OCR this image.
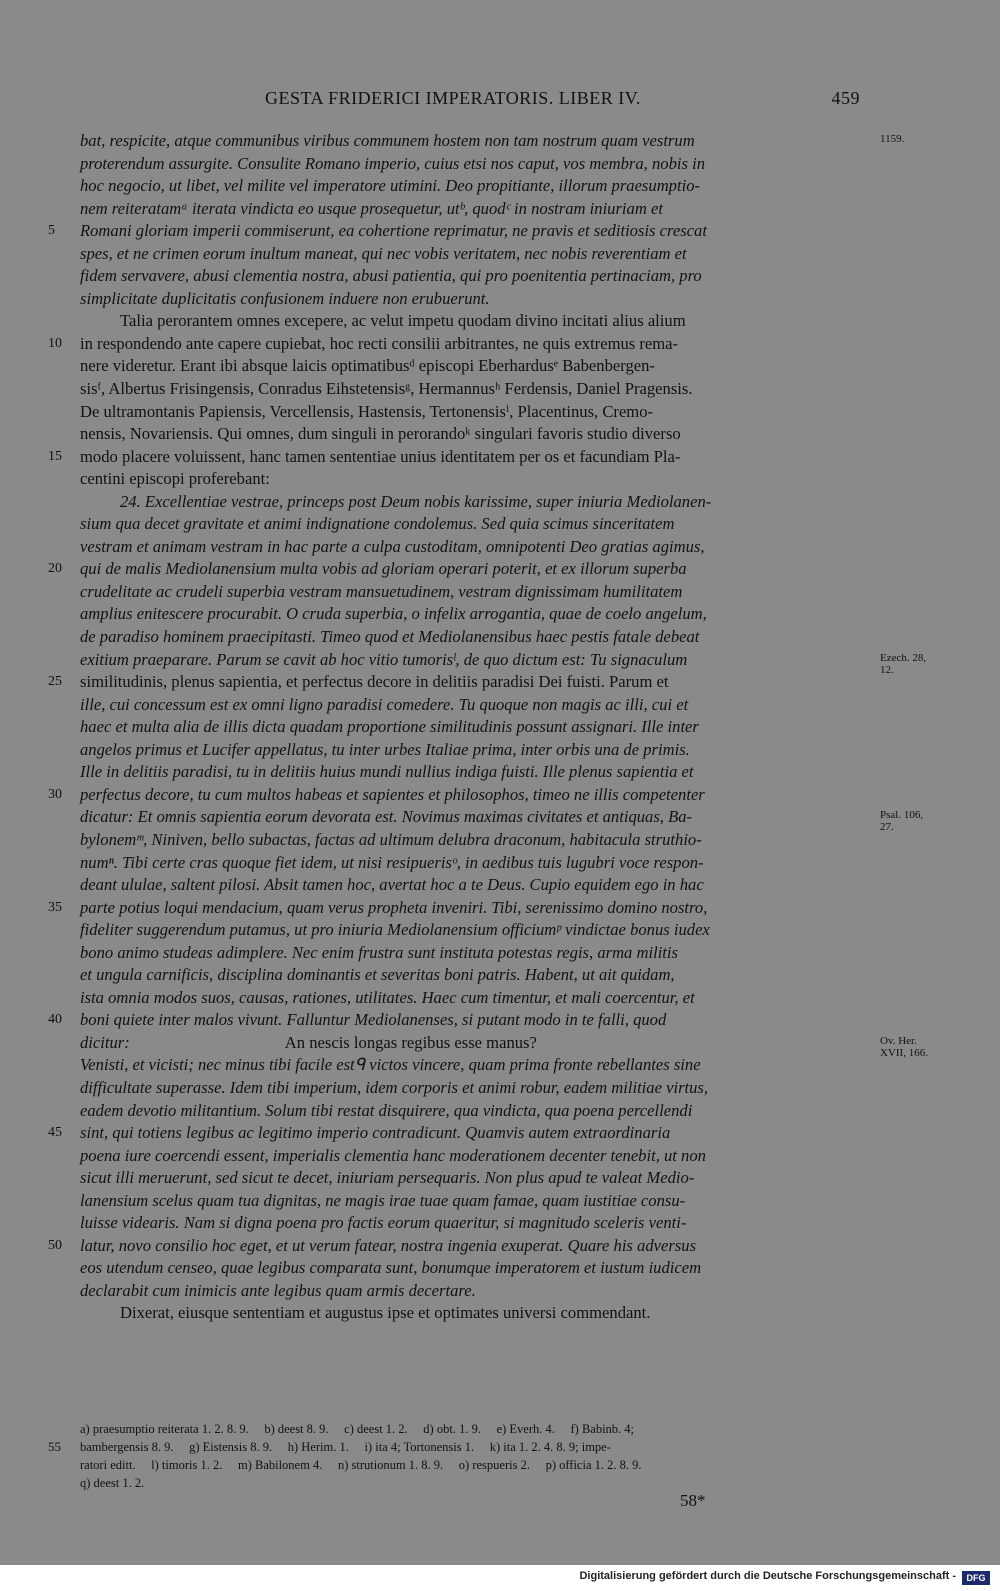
GESTA FRIDERICI IMPERATORIS. LIBER IV.	459
bat, respicite, atque communibus viribus communem hostem non tam nostrum quam vestrum	1159.
proterendum assurgite. Consulite Romano imperio, cuius etsi nos caput, vos membra, nobis in
hoc negocio, ut libet, vel milite vel imperatore utimini. Deo propitiante, illorum praesumptio-
nem reiteratamᵃ iterata vindicta eo usque prosequetur, utᵇ, quodᶜ in nostram iniuriam et
5 Romani gloriam imperii commiserunt, ea cohertione reprimatur, ne pravis et seditiosis crescat
spes, et ne crimen eorum inultum maneat, qui nec vobis veritatem, nec nobis reverentiam et
fidem servavere, abusi clementia nostra, abusi patientia, qui pro poenitentia pertinaciam, pro
simplicitate duplicitatis confusionem induere non erubuerunt.
Talia perorantem omnes excepere, ac velut impetu quodam divino incitati alius alium
10 in respondendo ante capere cupiebat, hoc recti consilii arbitrantes, ne quis extremus rema-
nere videretur. Erant ibi absque laicis optimatibusᵈ episcopi Eberhardusᵉ Babenbergen-
sisᶠ, Albertus Frisingensis, Conradus Eihstetensisᵍ, Hermannusʰ Ferdensis, Daniel Pragensis.
De ultramontanis Papiensis, Vercellensis, Hastensis, Tertonensisⁱ, Placentinus, Cremo-
nensis, Novariensis. Qui omnes, dum singuli in perorandoᵏ singulari favoris studio diverso
15 modo placere voluissent, hanc tamen sententiae unius identitatem per os et facundiam Pla-
centini episcopi proferebant:
24. Excellentiae vestrae, princeps post Deum nobis karissime, super iniuria Mediolanen-
sium qua decet gravitate et animi indignatione condolemus. Sed quia scimus sinceritatem
vestram et animam vestram in hac parte a culpa custoditam, omnipotenti Deo gratias agimus,
20 qui de malis Mediolanensium multa vobis ad gloriam operari poterit, et ex illorum superba
crudelitate ac crudeli superbia vestram mansuetudinem, vestram dignissimam humilitatem
amplius enitescere procurabit. O cruda superbia, o infelix arrogantia, quae de coelo angelum,
de paradiso hominem praecipitasti. Timeo quod et Mediolanensibus haec pestis fatale debeat
exitium praeparare. Parum se cavit ab hoc vitio tumorisˡ, de quo dictum est: Tu signaculum	Ezech. 28,
12.
25 similitudinis, plenus sapientia, et perfectus decore in delitiis paradisi Dei fuisti. Parum et
ille, cui concessum est ex omni ligno paradisi comedere. Tu quoque non magis ac illi, cui et
haec et multa alia de illis dicta quadam proportione similitudinis possunt assignari. Ille inter
angelos primus et Lucifer appellatus, tu inter urbes Italiae prima, inter orbis una de primis.
Ille in delitiis paradisi, tu in delitiis huius mundi nullius indiga fuisti. Ille plenus sapientia et
30 perfectus decore, tu cum multos habeas et sapientes et philosophos, timeo ne illis competenter
dicatur: Et omnis sapientia eorum devorata est. Novimus maximas civitates et antiquas, Ba-	Psal. 106,
27.
bylonemᵐ, Niniven, bello subactas, factas ad ultimum delubra draconum, habitacula struthio-
numⁿ. Tibi certe cras quoque fiet idem, ut nisi resipuerisᵒ, in aedibus tuis lugubri voce respon-
deant ululae, saltent pilosi. Absit tamen hoc, avertat hoc a te Deus. Cupio equidem ego in hac
35 parte potius loqui mendacium, quam verus propheta inveniri. Tibi, serenissimo domino nostro,
fideliter suggerendum putamus, ut pro iniuria Mediolanensium officiumᵖ vindictae bonus iudex
bono animo studeas adimplere. Nec enim frustra sunt instituta potestas regis, arma militis
et ungula carnificis, disciplina dominantis et severitas boni patris. Habent, ut ait quidam,
ista omnia modos suos, causas, rationes, utilitates. Haec cum timentur, et mali coercentur, et
40 boni quiete inter malos vivunt. Falluntur Mediolanenses, si putant modo in te falli, quod
dicitur:	An nescis longas regibus esse manus?	Ov. Her.
XVII, 166.
Venisti, et vicisti; nec minus tibi facile estᑫ victos vincere, quam prima fronte rebellantes sine
difficultate superasse. Idem tibi imperium, idem corporis et animi robur, eadem militiae virtus,
eadem devotio militantium. Solum tibi restat disquirere, qua vindicta, qua poena percellendi
45 sint, qui totiens legibus ac legitimo imperio contradicunt. Quamvis autem extraordinaria
poena iure coercendi essent, imperialis clementia hanc moderationem decenter tenebit, ut non
sicut illi meruerunt, sed sicut te decet, iniuriam persequaris. Non plus apud te valeat Medio-
lanensium scelus quam tua dignitas, ne magis irae tuae quam famae, quam iustitiae consu-
luisse videaris. Nam si digna poena pro factis eorum quaeritur, si magnitudo sceleris venti-
50 latur, novo consilio hoc eget, et ut verum fatear, nostra ingenia exuperat. Quare his adversus
eos utendum censeo, quae legibus comparata sunt, bonumque imperatorem et iustum iudicem
declarabit cum inimicis ante legibus quam armis decertare.
Dixerat, eiusque sententiam et augustus ipse et optimates universi commendant.
a) praesumptio reiterata 1. 2. 8. 9.     b) deest 8. 9.     c) deest 1. 2.     d) obt. 1. 9.     e) Everh. 4.     f) Babinb. 4;
55 bambergensis 8. 9.     g) Eistensis 8. 9.     h) Herim. 1.     i) ita 4; Tortonensis 1.     k) ita 1. 2. 4. 8. 9; impe-
ratori editt.     l) timoris 1. 2.     m) Babilonem 4.     n) strutionum 1. 8. 9.     o) respueris 2.     p) officia 1. 2. 8. 9.
q) deest 1. 2.
58*
Digitalisierung gefördert durch die Deutsche Forschungsgemeinschaft -	DFG
